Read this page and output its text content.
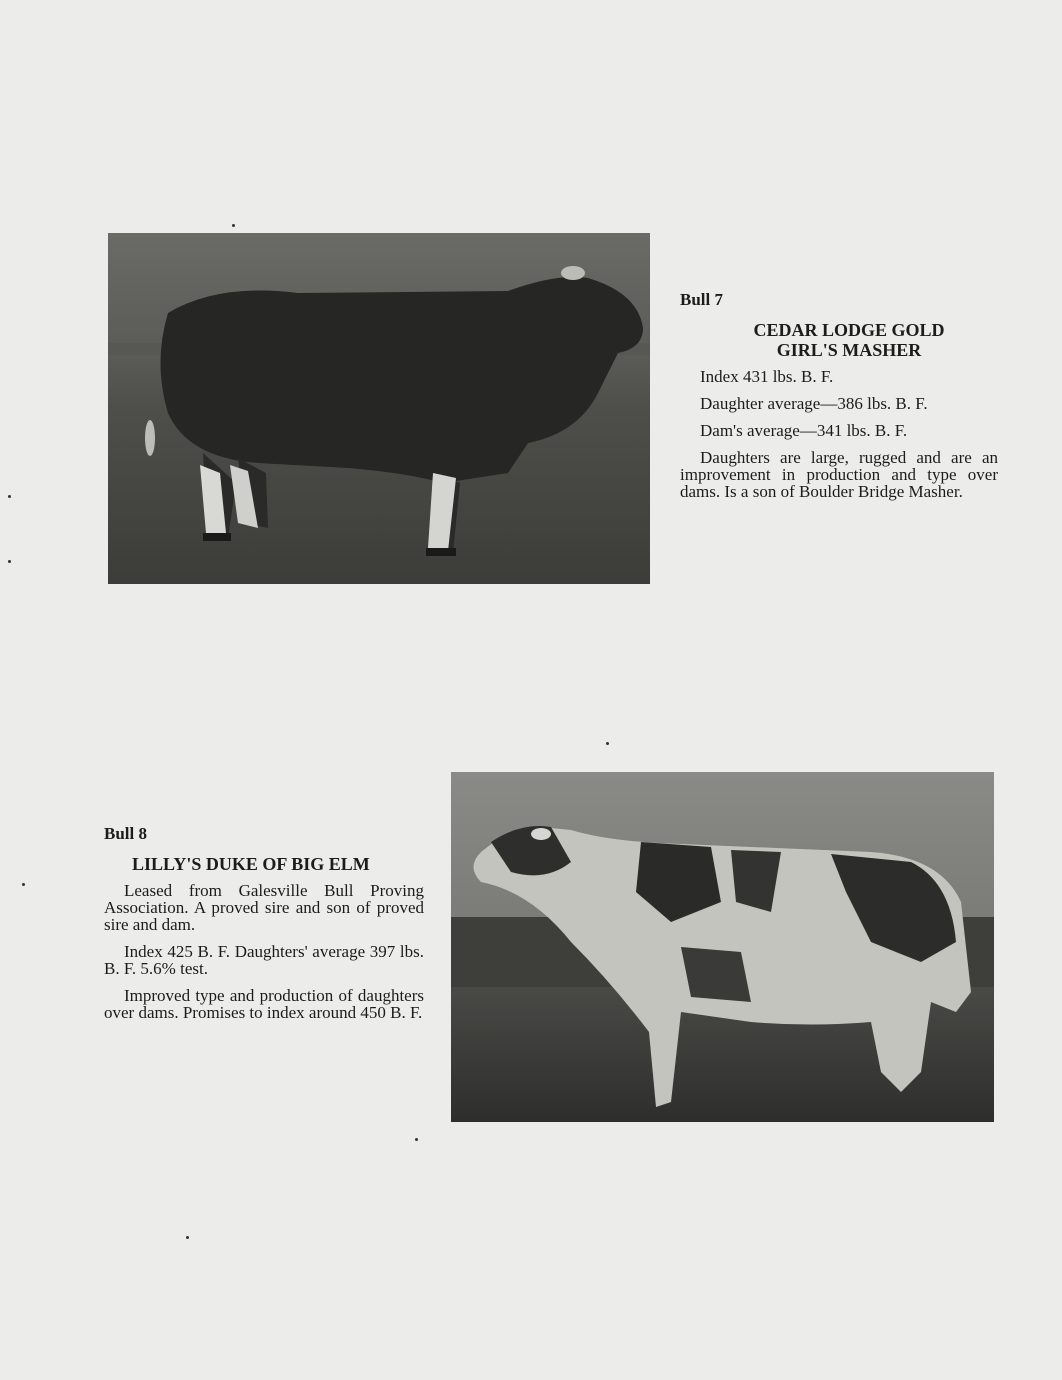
Bull 7
CEDAR LODGE GOLD
GIRL'S MASHER

Index 431 lbs. B. F.

Daughter average—386 lbs. B. F.

Dam's average—341 lbs. B. F.

Daughters are large, rugged and are an improvement in production and type over dams. Is a son of Boulder Bridge Masher.

Bull 8
LILLY'S DUKE OF BIG ELM

Leased from Galesville Bull Proving Association. A proved sire and son of proved sire and dam.

Index 425 B. F. Daughters' average 397 lbs. B. F. 5.6% test.

Improved type and production of daughters over dams. Promises to index around 450 B. F.
